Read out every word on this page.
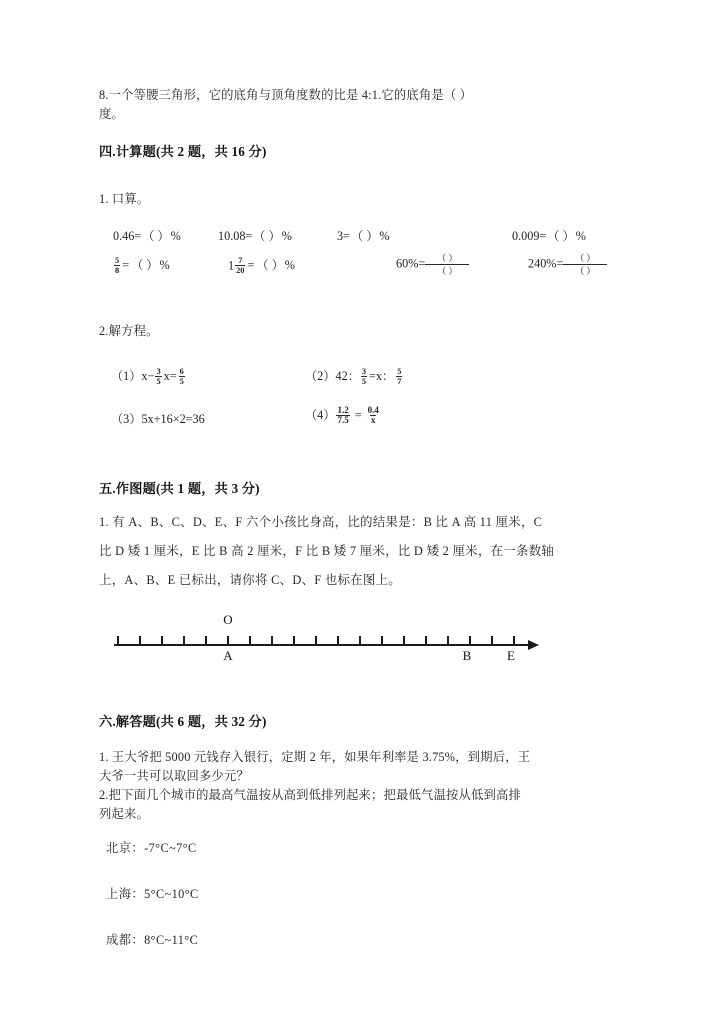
8.一个等腰三角形，它的底角与顶角度数的比是 4:1.它的底角是（ ）
度。
四.计算题(共 2 题，共 16 分)
1. 口算。
0.46=（ ）%	10.08=（ ）%	3=（ ）%	0.009=（ ）%
$\frac{5}{8}$ = （ ）%	$1 \frac{7}{20}$ = （ ）%	$60\%= \frac{( )}{( )}$	$240\%= \frac{( )}{( )}$
2.解方程。
$(1)x- \frac{3}{5} x= \frac{6}{5}$	（2）42： $\frac{3}{5} =x$： $\frac{5}{7}$
（3）5x+16×2=36	$(4) \frac{1.2}{7.5} = \frac{0.4}{x}$
五.作图题(共 1 题，共 3 分)
1. 有 A、B、C、D、E、F 六个小孩比身高，比的结果是：B 比 A 高 11 厘米，C
比 D 矮 1 厘米，E 比 B 高 2 厘米，F 比 B 矮 7 厘米，比 D 矮 2 厘米，在一条数轴
上，A、B、E 已标出，请你将 C、D、F 也标在图上。
O
A	B	E
六.解答题(共 6 题，共 32 分)
1. 王大爷把 5000 元钱存入银行，定期 2 年，如果年利率是 3.75%，到期后，王
大爷一共可以取回多少元？
2.把下面几个城市的最高气温按从高到低排列起来；把最低气温按从低到高排
列起来。
北京：-7°C~7°C
上海：5°C~10°C
成都：8°C~11°C
